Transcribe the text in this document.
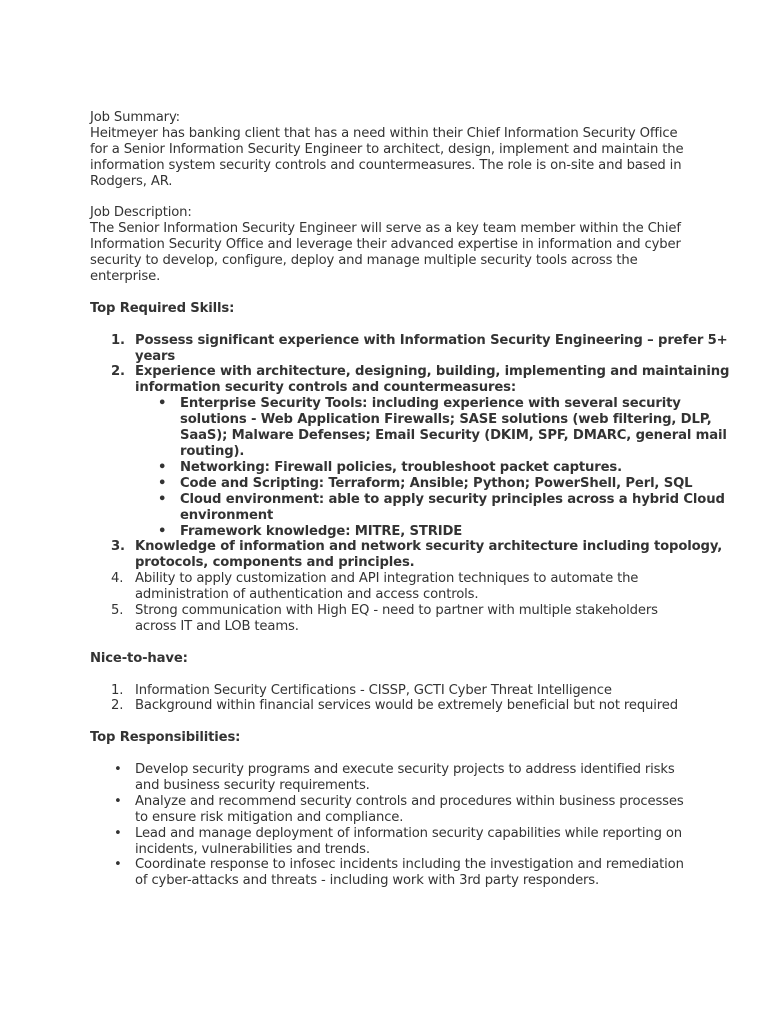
Job Summary:
Heitmeyer has banking client that has a need within their Chief Information Security Office
for a Senior Information Security Engineer to architect, design, implement and maintain the
information system security controls and countermeasures. The role is on-site and based in
Rodgers, AR.
Job Description:
The Senior Information Security Engineer will serve as a key team member within the Chief
Information Security Office and leverage their advanced expertise in information and cyber
security to develop, configure, deploy and manage multiple security tools across the
enterprise.
Top Required Skills:
1. Possess significant experience with Information Security Engineering – prefer 5+
years
2. Experience with architecture, designing, building, implementing and maintaining
information security controls and countermeasures:
• Enterprise Security Tools: including experience with several security
solutions - Web Application Firewalls; SASE solutions (web filtering, DLP,
SaaS); Malware Defenses; Email Security (DKIM, SPF, DMARC, general mail
routing).
• Networking: Firewall policies, troubleshoot packet captures.
• Code and Scripting: Terraform; Ansible; Python; PowerShell, Perl, SQL
• Cloud environment: able to apply security principles across a hybrid Cloud
environment
• Framework knowledge: MITRE, STRIDE
3. Knowledge of information and network security architecture including topology,
protocols, components and principles.
4. Ability to apply customization and API integration techniques to automate the
administration of authentication and access controls.
5. Strong communication with High EQ - need to partner with multiple stakeholders
across IT and LOB teams.
Nice-to-have:
1. Information Security Certifications - CISSP, GCTI Cyber Threat Intelligence
2. Background within financial services would be extremely beneficial but not required
Top Responsibilities:
• Develop security programs and execute security projects to address identified risks
and business security requirements.
• Analyze and recommend security controls and procedures within business processes
to ensure risk mitigation and compliance.
• Lead and manage deployment of information security capabilities while reporting on
incidents, vulnerabilities and trends.
• Coordinate response to infosec incidents including the investigation and remediation
of cyber-attacks and threats - including work with 3rd party responders.
